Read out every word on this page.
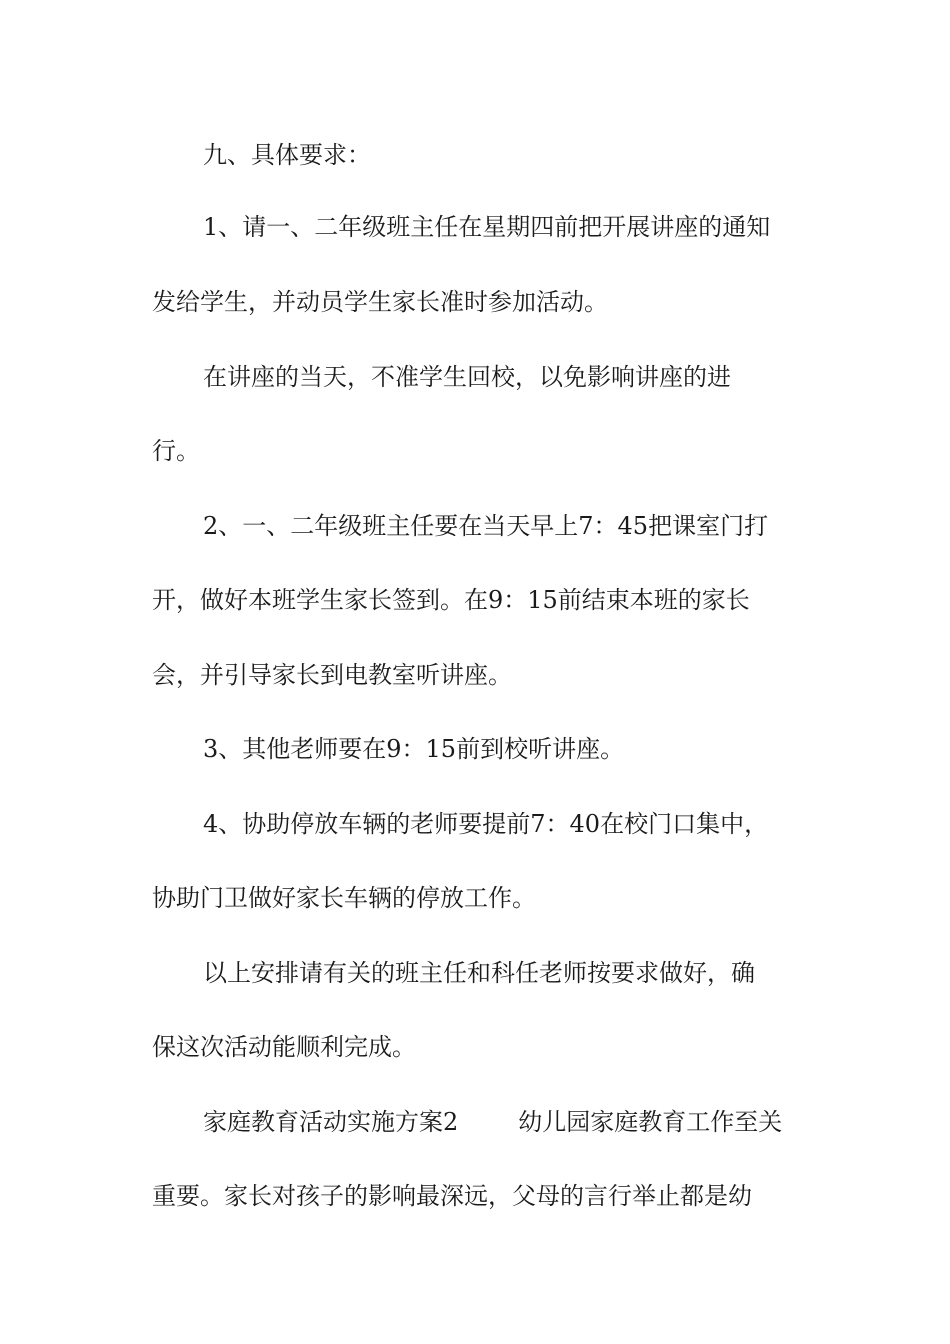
九、具体要求：
1、请一、二年级班主任在星期四前把开展讲座的通知
发给学生，并动员学生家长准时参加活动。
在讲座的当天，不准学生回校，以免影响讲座的进
行。
2、一、二年级班主任要在当天早上7：45把课室门打
开，做好本班学生家长签到。在9：15前结束本班的家长
会，并引导家长到电教室听讲座。
3、其他老师要在9：15前到校听讲座。
4、协助停放车辆的老师要提前7：40在校门口集中，
协助门卫做好家长车辆的停放工作。
以上安排请有关的班主任和科任老师按要求做好，确
保这次活动能顺利完成。
家庭教育活动实施方案2	幼儿园家庭教育工作至关
重要。家长对孩子的影响最深远，父母的言行举止都是幼
